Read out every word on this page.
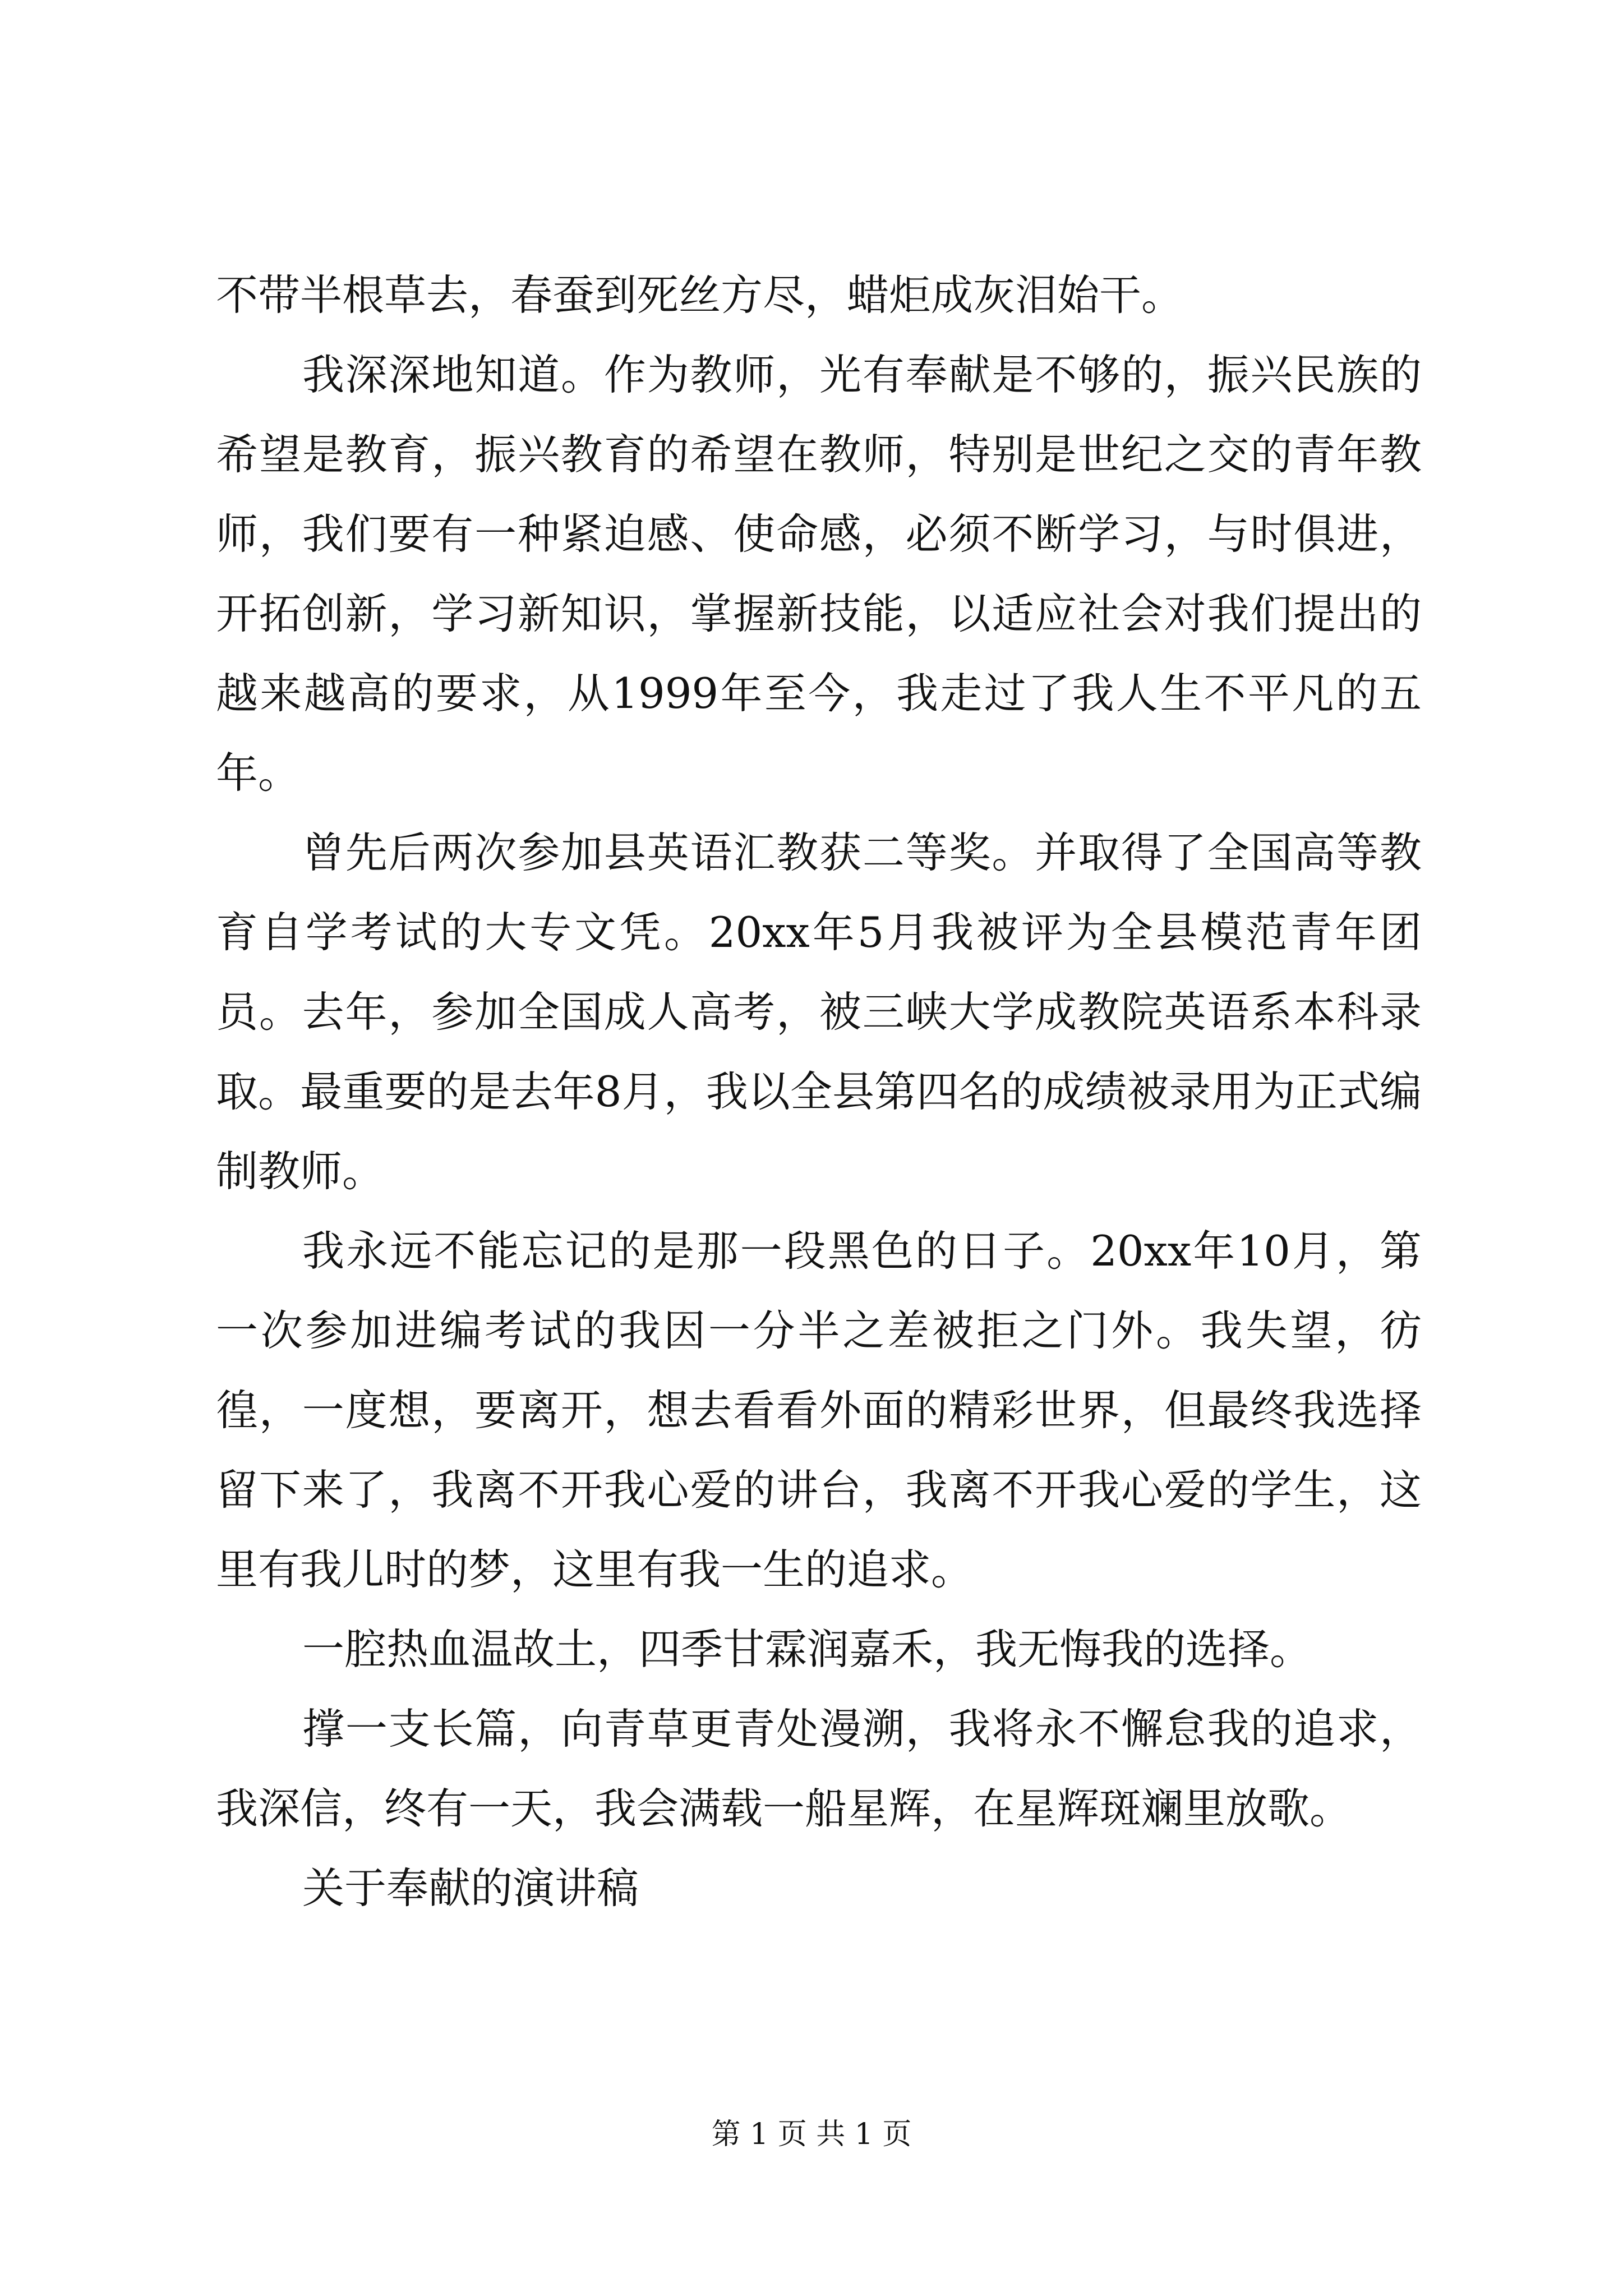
不带半根草去，春蚕到死丝方尽，蜡炬成灰泪始干。

我深深地知道。作为教师，光有奉献是不够的，振兴民族的希望是教育，振兴教育的希望在教师，特别是世纪之交的青年教师，我们要有一种紧迫感、使命感，必须不断学习，与时俱进，开拓创新，学习新知识，掌握新技能，以适应社会对我们提出的越来越高的要求，从1999年至今，我走过了我人生不平凡的五年。

曾先后两次参加县英语汇教获二等奖。并取得了全国高等教育自学考试的大专文凭。20xx年5月我被评为全县模范青年团员。去年，参加全国成人高考，被三峡大学成教院英语系本科录取。最重要的是去年8月，我以全县第四名的成绩被录用为正式编制教师。

我永远不能忘记的是那一段黑色的日子。20xx年10月，第一次参加进编考试的我因一分半之差被拒之门外。我失望，彷徨，一度想，要离开，想去看看外面的精彩世界，但最终我选择留下来了，我离不开我心爱的讲台，我离不开我心爱的学生，这里有我儿时的梦，这里有我一生的追求。

一腔热血温故土，四季甘霖润嘉禾，我无悔我的选择。

撑一支长篇，向青草更青处漫溯，我将永不懈怠我的追求，我深信，终有一天，我会满载一船星辉，在星辉斑斓里放歌。

关于奉献的演讲稿

第 1 页 共 1 页
